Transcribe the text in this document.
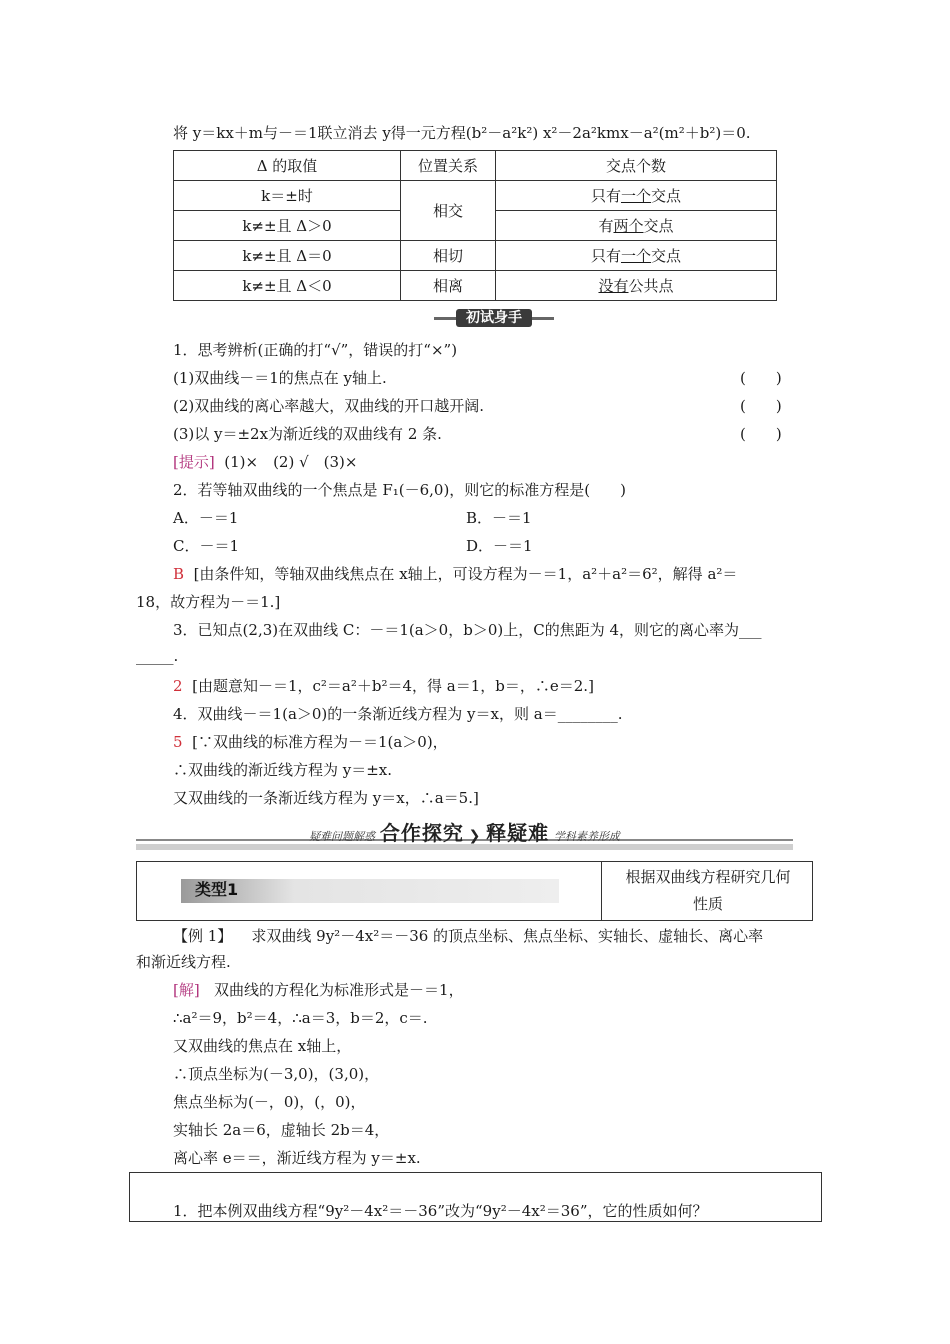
将 y＝kx＋m与－＝1联立消去 y得一元方程(b²－a²k²) x²－2a²kmx－a²(m²＋b²)＝0.
Δ 的取值	位置关系	交点个数
k＝±时	相交	只有一个交点
k≠±且 Δ＞0		有两个交点
k≠±且 Δ＝0	相切	只有一个交点
k≠±且 Δ＜0	相离	没有公共点
初试身手
1．思考辨析(正确的打“√”，错误的打“×”)
(1)双曲线－＝1的焦点在 y轴上.
(2)双曲线的离心率越大，双曲线的开口越开阔.
(3)以 y＝±2x为渐近线的双曲线有 2 条.
(　　)
(　　)
(　　)
[提示] (1)×　(2) √　(3)×
2．若等轴双曲线的一个焦点是 F₁(－6,0)，则它的标准方程是(　　)
A．－＝1	B．－＝1
C．－＝1	D．－＝1
B [由条件知，等轴双曲线焦点在 x轴上，可设方程为－＝1，a²＋a²＝6²，解得 a²＝
18，故方程为－＝1.]
3．已知点(2,3)在双曲线 C：－＝1(a＞0，b＞0)上，C的焦距为 4，则它的离心率为___
_____.
2 [由题意知－＝1，c²＝a²＋b²＝4，得 a＝1，b＝，∴e＝2.]
4．双曲线－＝1(a＞0)的一条渐近线方程为 y＝x，则 a＝________.
5 [∵双曲线的标准方程为－＝1(a＞0)，
∴双曲线的渐近线方程为 y＝±x.
又双曲线的一条渐近线方程为 y＝x，∴a＝5.]
疑难问题解惑 合作探究 ❯ 释疑难 学科素养形成
类型1
根据双曲线方程研究几何
性质
【例 1】 求双曲线 9y²－4x²＝－36 的顶点坐标、焦点坐标、实轴长、虚轴长、离心率
和渐近线方程.
[解] 双曲线的方程化为标准形式是－＝1，
∴a²＝9，b²＝4，∴a＝3，b＝2，c＝.
又双曲线的焦点在 x轴上，
∴顶点坐标为(－3,0)，(3,0)，
焦点坐标为(－，0)，(，0)，
实轴长 2a＝6，虚轴长 2b＝4，
离心率 e＝＝，渐近线方程为 y＝±x.
1．把本例双曲线方程“9y²－4x²＝－36”改为“9y²－4x²＝36”，它的性质如何？
